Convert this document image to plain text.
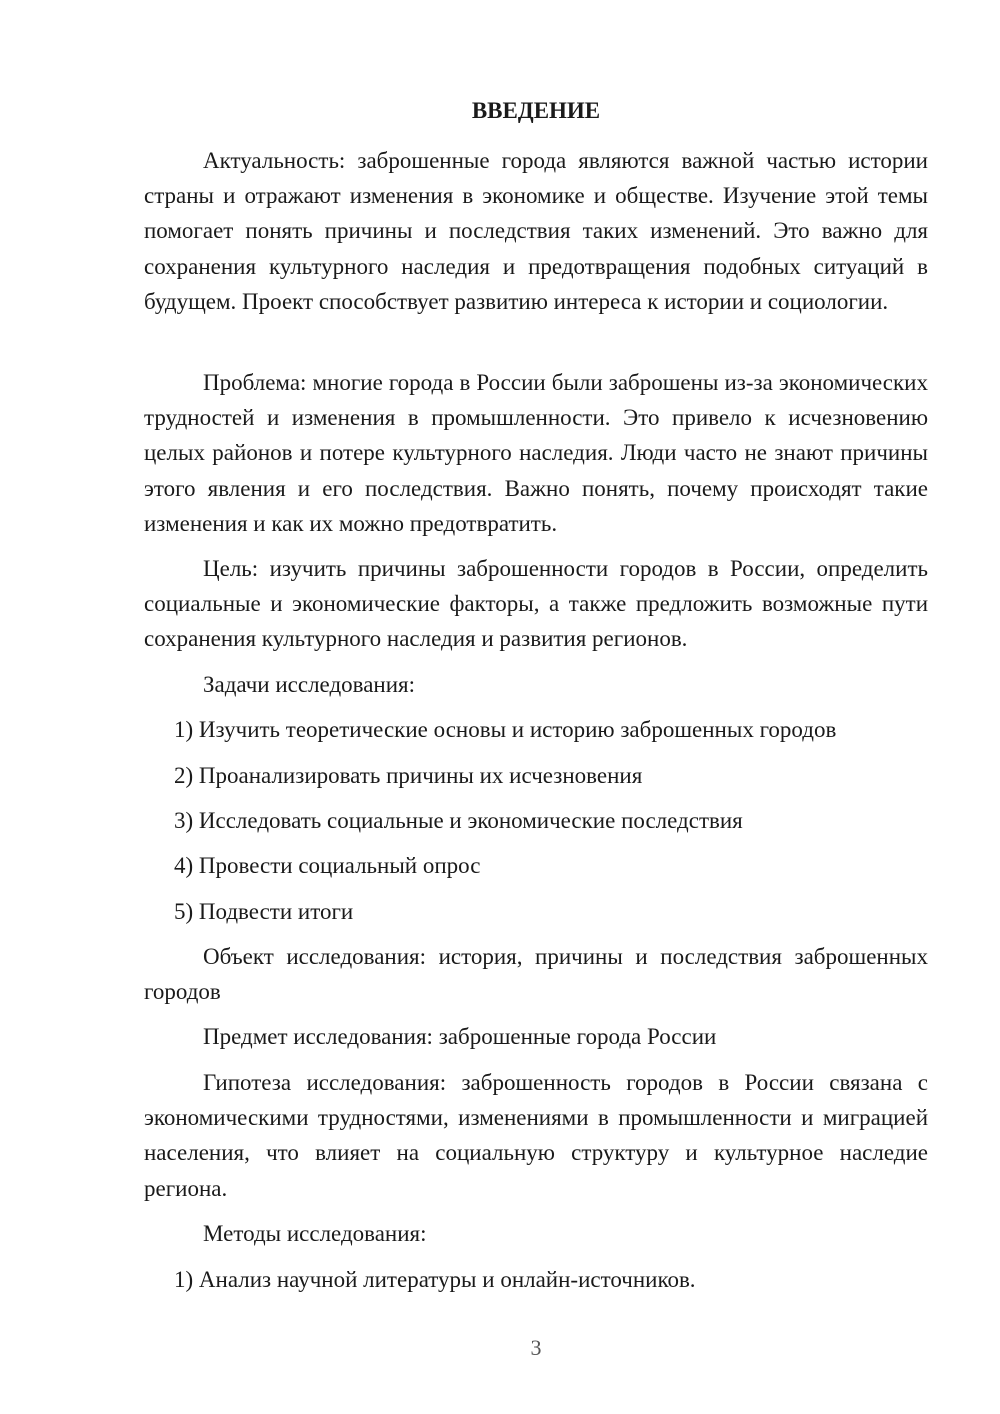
ВВЕДЕНИЕ

Актуальность: заброшенные города являются важной частью истории страны и отражают изменения в экономике и обществе. Изучение этой темы помогает понять причины и последствия таких изменений. Это важно для сохранения культурного наследия и предотвращения подобных ситуаций в будущем. Проект способствует развитию интереса к истории и социологии.

Проблема: многие города в России были заброшены из-за экономических трудностей и изменения в промышленности. Это привело к исчезновению целых районов и потере культурного наследия. Люди часто не знают причины этого явления и его последствия. Важно понять, почему происходят такие изменения и как их можно предотвратить.

Цель: изучить причины заброшенности городов в России, определить социальные и экономические факторы, а также предложить возможные пути сохранения культурного наследия и развития регионов.

Задачи исследования:

1) Изучить теоретические основы и историю заброшенных городов

2) Проанализировать причины их исчезновения

3) Исследовать социальные и экономические последствия

4) Провести социальный опрос

5) Подвести итоги

Объект исследования: история, причины и последствия заброшенных городов

Предмет исследования: заброшенные города России

Гипотеза исследования: заброшенность городов в России связана с экономическими трудностями, изменениями в промышленности и миграцией населения, что влияет на социальную структуру и культурное наследие региона.

Методы исследования:

1) Анализ научной литературы и онлайн-источников.

3
